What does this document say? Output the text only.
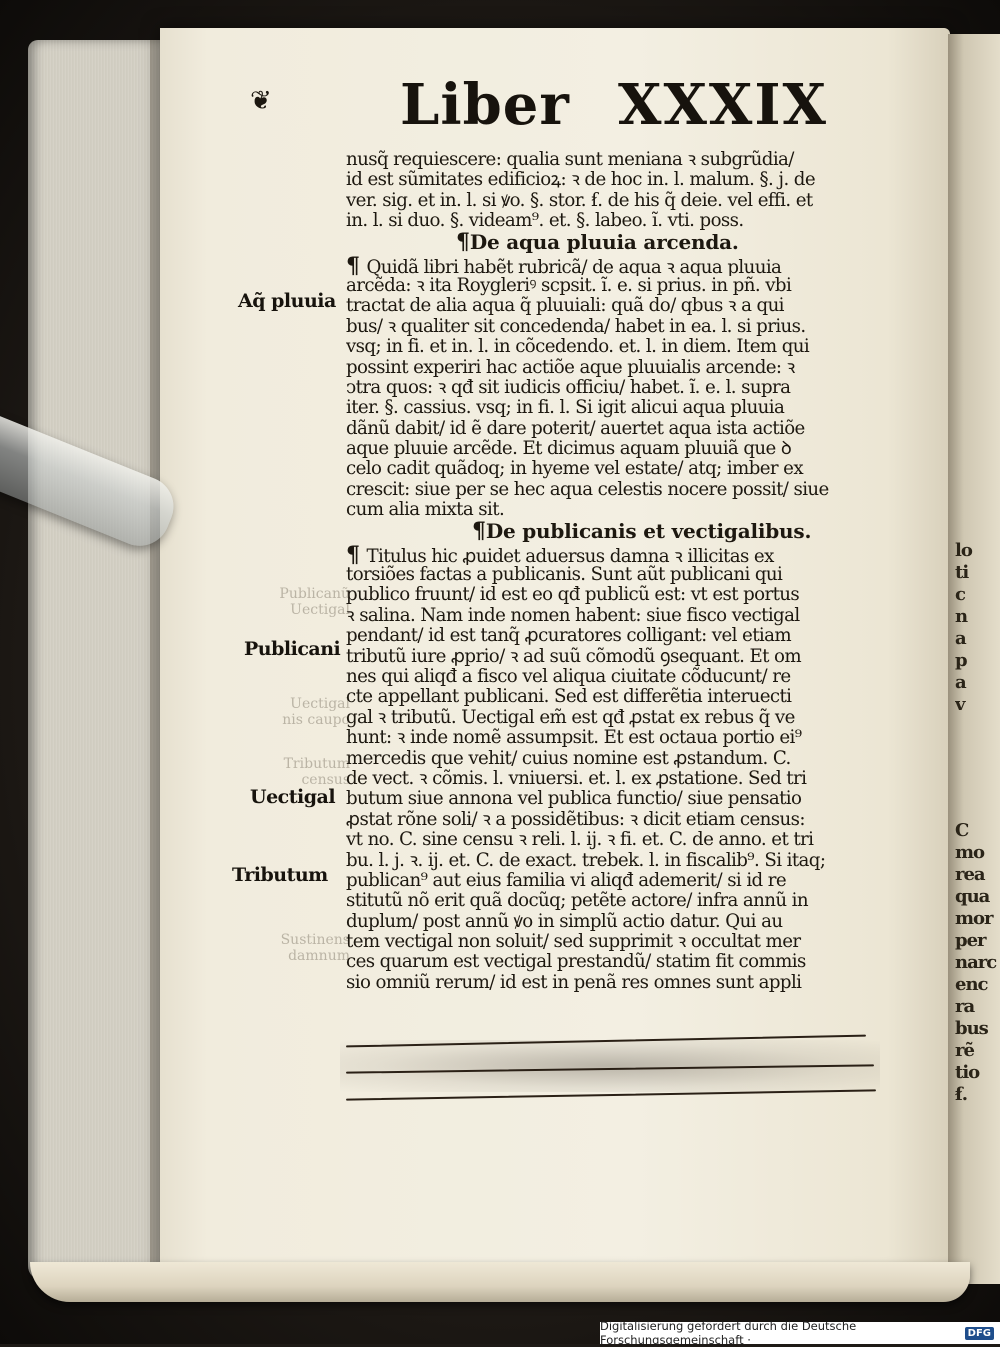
lo
ti
c
n
a
p
a
v
C
mo
rea
qua
mor
per
narc
enc
ra
bus
rẽ
tio
ẜ.
❦ Liber XXXIX
Publicanũ
Uectigal
Uectigal
nis caupo
Tributum
census
Sustinens
damnum
Aq̃ pluuia
Publicani
Uectigal
Tributum
nusq̃ requiescere: qualia sunt meniana ꝛ subgrũdia/
id est sũmitates edificioꝝ: ꝛ de hoc in. l. malum. §. j. de
ver. sig. et in. l. si ꝟo. §. stor. ẜ. de his q̃ deie. vel effi. et
in. l. si duo. §. videam⁹. et. §. labeo. ĩ. vti. poss.
¶De aqua pluuia arcenda.
¶ Quidã libri habẽt rubricã/ de aqua ꝛ aqua pluuia
arcẽda: ꝛ ita Roygleriꝰ scpsit. ĩ. e. si prius. in pñ. vbi
tractat de alia aqua q̃ pluuiali: quã do/ qbus ꝛ a qui
bus/ ꝛ qualiter sit concedenda/ habet in ea. l. si prius.
vsq; in fi. et in. l. in cõcedendo. et. l. in diem. Item qui
possint experiri hac actiõe aque pluuialis arcende: ꝛ
ↄtra quos: ꝛ qđ sit iudicis officiu/ habet. ĩ. e. l. supra
iter. §. cassius. vsq; in fi. l. Si igit alicui aqua pluuia
dãnũ dabit/ id ẽ dare poterit/ auertet aqua ista actiõe
aque pluuie arcẽde. Et dicimus aquam pluuiã que ꝺ
celo cadit quãdoq; in hyeme vel estate/ atq; imber ex
crescit: siue per se hec aqua celestis nocere possit/ siue
cum alia mixta sit.
¶De publicanis et vectigalibus.
¶ Titulus hic ꝓuidet aduersus damna ꝛ illicitas ex
torsiões factas a publicanis. Sunt aũt publicani qui
publico fruunt/ id est eo qđ publicũ est: vt est portus
ꝛ salina. Nam inde nomen habent: siue fisco vectigal
pendant/ id est tanq̃ ꝓcuratores colligant: vel etiam
tributũ iure ꝓprio/ ꝛ ad suũ cõmodũ ꝯsequant. Et om
nes qui aliqđ a fisco vel aliqua ciuitate cõducunt/ re
cte appellant publicani. Sed est differẽtia interuecti
gal ꝛ tributũ. Uectigal em̃ est qđ ꝓstat ex rebus q̃ ve
hunt: ꝛ inde nomẽ assumpsit. Et est octaua portio ei⁹
mercedis que vehit/ cuius nomine est ꝓstandum. C.
de vect. ꝛ cõmis. l. vniuersi. et. l. ex ꝓstatione. Sed tri
butum siue annona vel publica functio/ siue pensatio
ꝓstat rõne soli/ ꝛ a possidẽtibus: ꝛ dicit etiam census:
vt no. C. sine censu ꝛ reli. l. ij. ꝛ fi. et. C. de anno. et tri
bu. l. j. ꝛ. ij. et. C. de exact. trebek. l. in fiscalib⁹. Si itaq;
publican⁹ aut eius familia vi aliqđ ademerit/ si id re
stitutũ nõ erit quã docũq; petẽte actore/ infra annũ in
duplum/ post annũ ꝟo in simplũ actio datur. Qui au
tem vectigal non soluit/ sed supprimit ꝛ occultat mer
ces quarum est vectigal prestandũ/ statim fit commis
sio omniũ rerum/ id est in penã res omnes sunt appli
Digitalisierung gefördert durch die Deutsche Forschungsgemeinschaft ·	DFG
